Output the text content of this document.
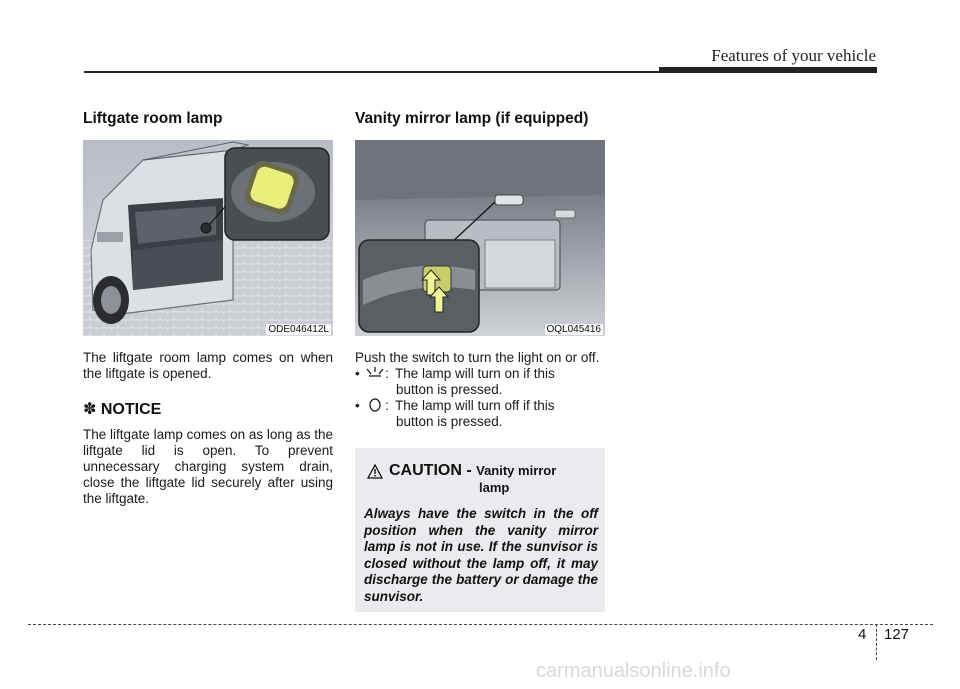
Features of your vehicle
Liftgate room lamp
ODE046412L

The liftgate room lamp comes on when the liftgate is opened.

✽ NOTICE

The liftgate lamp comes on as long as the liftgate lid is open. To prevent unnecessary charging system drain, close the liftgate lid securely after using the liftgate.

Vanity mirror lamp (if equipped)
OQL045416

Push the switch to turn the light on or off.

•	: The lamp will turn on if this
button is pressed.
•	: The lamp will turn off if this
button is pressed.
CAUTION - Vanity mirror
lamp
Always have the switch in the off position when the vanity mirror lamp is not in use. If the sunvisor is closed without the lamp off, it may discharge the battery or damage the sunvisor.
4 127
carmanualsonline.info
